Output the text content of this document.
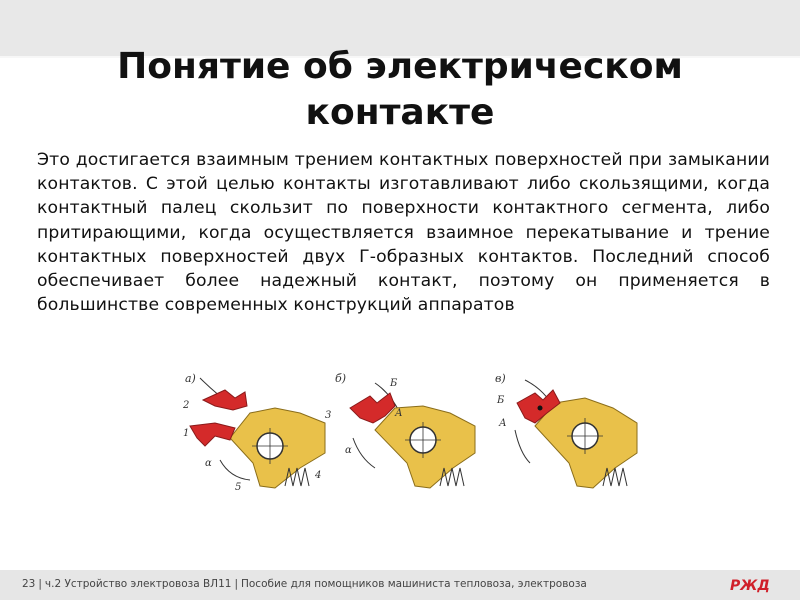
Понятие об электрическом контакте
Это достигается взаимным трением контактных поверхностей при замыкании контактов. С этой целью контакты изготавливают либо скользящими, когда контактный палец скользит по поверхности контактного сегмента, либо притирающими, когда осуществляется взаимное перекатывание и трение контактных поверхностей двух Г-образных контактов. Последний способ обеспечивает более надежный контакт, поэтому он применяется в большинстве современных конструкций аппаратов
а)
2
1
3
α
5
4
б)	Б
А
α
в)
Б
А
23 | ч.2 Устройство электровоза ВЛ11 | Пособие для помощников машиниста тепловоза, электровоза	РЖД
